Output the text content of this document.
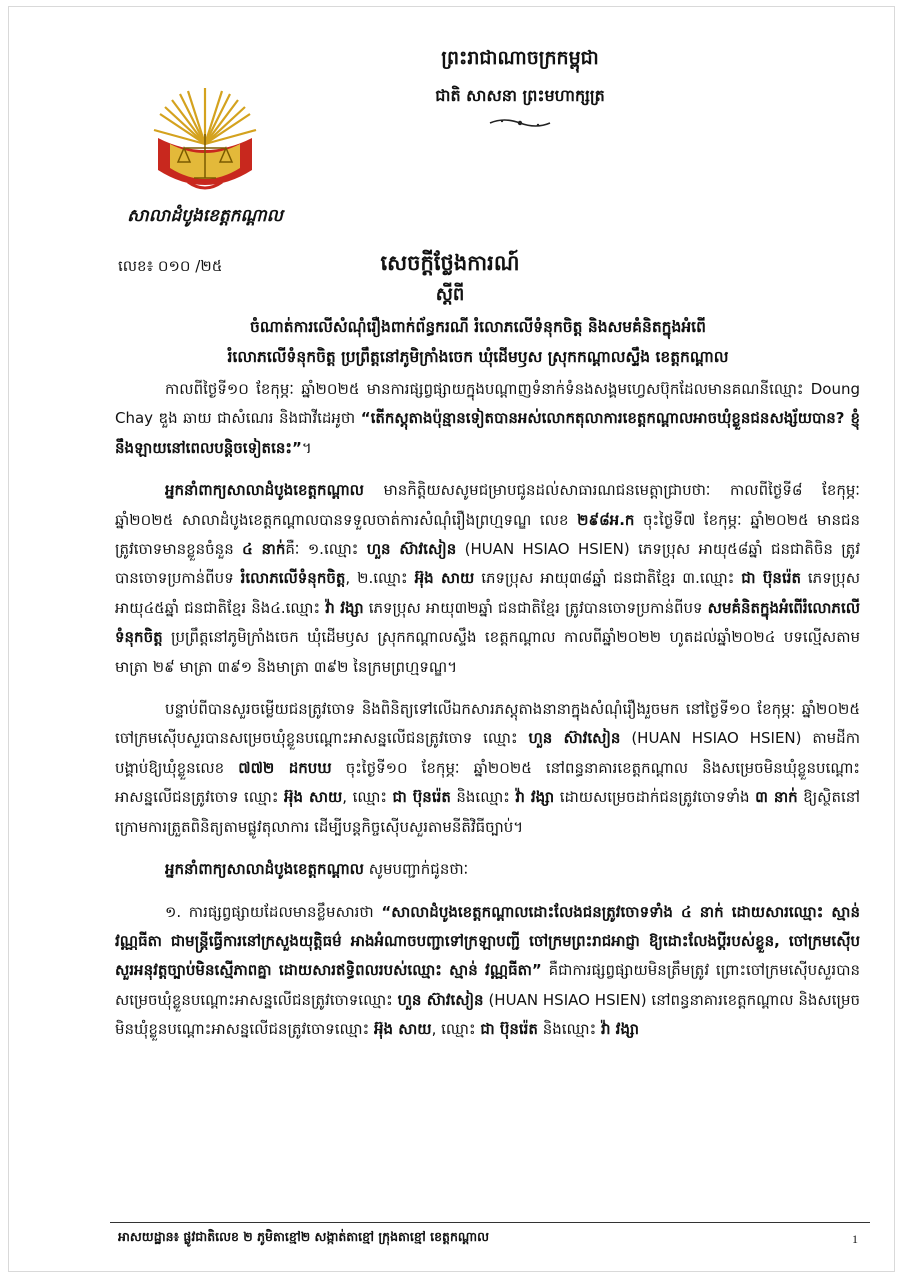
សាលាដំបូងខេត្តកណ្តាល
លេខ៖ ០១០ /២៥
ព្រះរាជាណាចក្រកម្ពុជា
ជាតិ សាសនា ព្រះមហាក្សត្រ
សេចក្តីថ្លែងការណ៍
ស្តីពី
ចំណាត់ការលើសំណុំរឿងពាក់ព័ន្ធករណី រំលោភលើទំនុកចិត្ត និងសមគំនិតក្នុងអំពើ
រំលោភលើទំនុកចិត្ត ប្រព្រឹត្តនៅភូមិក្រាំងចេក ឃុំដើមឫស ស្រុកកណ្តាលស្ទឹង ខេត្តកណ្តាល

កាលពីថ្ងៃទី១០ ខែកុម្ភៈ ឆ្នាំ២០២៥ មានការផ្សព្វផ្សាយក្នុងបណ្តាញទំនាក់ទំនងសង្គមហ្វេសប៊ុកដែលមានគណនីឈ្មោះ Doung Chay ឌួង ឆាយ ជាសំណេរ និងជាវីដេអូថា “តើកស្តុតាងប៉ុន្មានទៀតបានអស់លោកតុលាការខេត្តកណ្តាលអាចឃុំខ្លួនជនសង្ស័យបាន? ខ្ញុំនឹងឡាយនៅពេលបន្តិចទៀតនេះ”។

អ្នកនាំពាក្យសាលាដំបូងខេត្តកណ្តាល មានកិត្តិយសសូមជម្រាបជូនដល់សាធារណជនមេត្តាជ្រាបថាៈ កាលពីថ្ងៃទី៨ ខែកុម្ភៈ ឆ្នាំ២០២៥ សាលាដំបូងខេត្តកណ្តាលបានទទួលចាត់ការសំណុំរឿងព្រហ្មទណ្ឌ លេខ ២៩៨អ.ក ចុះថ្ងៃទី៧ ខែកុម្ភៈ ឆ្នាំ២០២៥ មានជនត្រូវចោទមានខ្លួនចំនួន ៤ នាក់គឺៈ ១.ឈ្មោះ ហួន ស៊ាវសៀន (HUAN HSIAO HSIEN) ភេទប្រុស អាយុ៥៨ឆ្នាំ ជនជាតិចិន ត្រូវបានចោទប្រកាន់ពីបទ រំលោភលើទំនុកចិត្ត, ២.ឈ្មោះ អ៊ុង សាយ ភេទប្រុស អាយុ៣៨ឆ្នាំ ជនជាតិខ្មែរ ៣.ឈ្មោះ ជា ប៊ុនរ៉េត ភេទប្រុស អាយុ៤៥ឆ្នាំ ជនជាតិខ្មែរ និង៤.ឈ្មោះ វ៉ា វង្សា ភេទប្រុស អាយុ៣២ឆ្នាំ ជនជាតិខ្មែរ ត្រូវបានចោទប្រកាន់ពីបទ សមគំនិតក្នុងអំពើរំលោភលើទំនុកចិត្ត ប្រព្រឹត្តនៅភូមិក្រាំងចេក ឃុំដើមឫស ស្រុកកណ្តាលស្ទឹង ខេត្តកណ្តាល កាលពីឆ្នាំ២០២២ ហូតដល់ឆ្នាំ២០២៤ បទល្មើសតាមមាត្រា ២៩ មាត្រា ៣៩១ និងមាត្រា ៣៩២ នៃក្រមព្រហ្មទណ្ឌ។

បន្ទាប់ពីបានសួរចម្លើយជនត្រូវចោទ និងពិនិត្យទៅលើឯកសារភស្តុតាងនានាក្នុងសំណុំរឿងរួចមក នៅថ្ងៃទី១០ ខែកុម្ភៈ ឆ្នាំ២០២៥ ចៅក្រមស៊ើបសួរបានសម្រេចឃុំខ្លួនបណ្តោះអាសន្នលើជនត្រូវចោទ ឈ្មោះ ហួន ស៊ាវសៀន (HUAN HSIAO HSIEN) តាមដីកាបង្គាប់ឱ្យឃុំខ្លួនលេខ ៧៧២ ដកបឃ ចុះថ្ងៃទី១០ ខែកុម្ភៈ ឆ្នាំ២០២៥ នៅពន្ធនាគារខេត្តកណ្តាល និងសម្រេចមិនឃុំខ្លួនបណ្តោះអាសន្នលើជនត្រូវចោទ ឈ្មោះ អ៊ុង សាយ, ឈ្មោះ ជា ប៊ុនរ៉េត និងឈ្មោះ វ៉ា វង្សា ដោយសម្រេចដាក់ជនត្រូវចោទទាំង ៣ នាក់ ឱ្យស្ថិតនៅក្រោមការត្រួតពិនិត្យតាមផ្លូវតុលាការ ដើម្បីបន្តកិច្ចស៊ើបសួរតាមនីតិវិធីច្បាប់។

អ្នកនាំពាក្យសាលាដំបូងខេត្តកណ្តាល សូមបញ្ជាក់ជូនថាៈ

១. ការផ្សព្វផ្សាយដែលមានខ្លឹមសារថា “សាលាដំបូងខេត្តកណ្តាលដោះលែងជនត្រូវចោទទាំង ៤ នាក់ ដោយសារឈ្មោះ ស្មាន់ វណ្ណធីតា ជាមន្ត្រីធ្វើការនៅក្រសួងយុត្តិធម៌ អាងអំណាចបញ្ជាទៅក្រឡាបញ្ជី ចៅក្រមព្រះរាជអាជ្ញា ឱ្យដោះលែងប្តីរបស់ខ្លួន, ចៅក្រមស៊ើបសួរអនុវត្តច្បាប់មិនស្មើភាពគ្នា ដោយសារឥទ្ធិពលរបស់ឈ្មោះ ស្មាន់ វណ្ណធីតា” គឺជាការផ្សព្វផ្សាយមិនត្រឹមត្រូវ ព្រោះចៅក្រមស៊ើបសួរបានសម្រេចឃុំខ្លួនបណ្តោះអាសន្នលើជនត្រូវចោទឈ្មោះ ហួន ស៊ាវសៀន (HUAN HSIAO HSIEN) នៅពន្ធនាគារខេត្តកណ្តាល និងសម្រេចមិនឃុំខ្លួនបណ្តោះអាសន្នលើជនត្រូវចោទឈ្មោះ អ៊ុង សាយ, ឈ្មោះ ជា ប៊ុនរ៉េត និងឈ្មោះ វ៉ា វង្សា

អាសយដ្ឋាន៖ ផ្លូវជាតិលេខ ២ ភូមិតាខ្មៅ២ សង្កាត់តាខ្មៅ ក្រុងតាខ្មៅ ខេត្តកណ្តាល	1
